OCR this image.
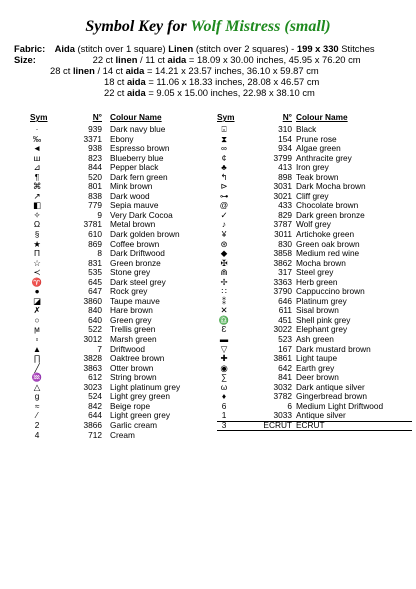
Symbol Key for Wolf Mistress (small)
Fabric: Aida (stitch over 1 square) Linen (stitch over 2 squares) - 199 x 330 Stitches
Size:	22 ct linen / 11 ct aida = 18.09 x 30.00 inches, 45.95 x 76.20 cm
28 ct linen / 14 ct aida = 14.21 x 23.57 inches, 36.10 x 59.87 cm
18 ct aida = 11.06 x 18.33 inches, 28.08 x 46.57 cm
22 ct aida = 9.05 x 15.00 inches, 22.98 x 38.10 cm
Sym	N° Colour Name
·	939 Dark navy blue
‰	3371 Ebony
◄	938 Espresso brown
ш	823 Blueberry blue
⊿	844 Pepper black
¶	520 Dark fern green
⌘	801 Mink brown
↗	838 Dark wood
◧	779 Sepia mauve
✧	9 Very Dark Cocoa
Ω	3781 Metal brown
§	610 Dark golden brown
★	869 Coffee brown
Π	8 Dark Driftwood
☆	831 Green bronze
≺	535 Stone grey
♈	645 Dark steel grey
●	647 Rock grey
◪	3860 Taupe mauve
✗	840 Hare brown
○	640 Green grey
ϻ	522 Trellis green
▫	3012 Marsh green
▲	7 Driftwood
∏	3828 Oaktree brown
╱	3863 Otter brown
♒	612 String brown
△	3023 Light platinum grey
g	524 Light grey green
≈	842 Beige rope
⁄	644 Light green grey
2	3866 Garlic cream
4	712 Cream
Sym	N° Colour Name
⌻	310 Black
⧗	154 Prune rose
∞	934 Algae green
¢	3799 Anthracite grey
♣	413 Iron grey
↰	898 Teak brown
⊳	3031 Dark Mocha brown
⊶	3021 Cliff grey
@	433 Chocolate brown
✓	829 Dark green bronze
♪	3787 Wolf grey
¥	3011 Artichoke green
⊛	830 Green oak brown
◆	3858 Medium red wine
✠	3862 Mocha brown
⋒	317 Steel grey
✢	3363 Herb green
∷	3790 Cappuccino brown
⁑	646 Platinum grey
✕	611 Sisal brown
♎	451 Shell pink grey
Ɛ	3022 Elephant grey
▬	523 Ash green
▽	167 Dark mustard brown
✚	3861 Light taupe
◉	642 Earth grey
∑	841 Deer brown
ω	3032 Dark antique silver
♦	3782 Gingerbread brown
6	6 Medium Light Driftwood
1	3033 Antique silver
3	ECRUT ECRUT
